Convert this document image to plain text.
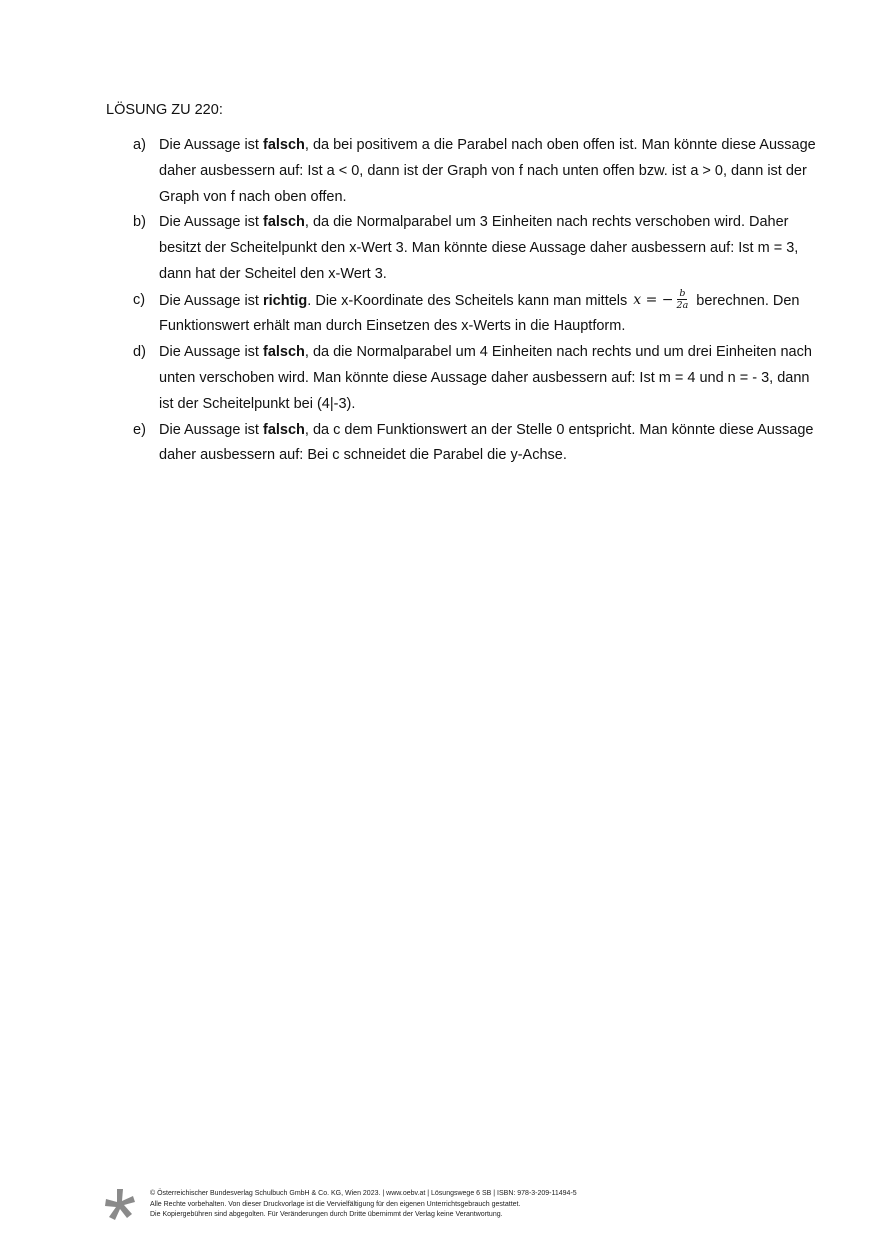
LÖSUNG ZU 220:
a) Die Aussage ist falsch, da bei positivem a die Parabel nach oben offen ist. Man könnte diese Aussage daher ausbessern auf: Ist a < 0, dann ist der Graph von f nach unten offen bzw. ist a > 0, dann ist der Graph von f nach oben offen.
b) Die Aussage ist falsch, da die Normalparabel um 3 Einheiten nach rechts verschoben wird. Daher besitzt der Scheitelpunkt den x-Wert 3. Man könnte diese Aussage daher ausbessern auf: Ist m = 3, dann hat der Scheitel den x-Wert 3.
c) Die Aussage ist richtig. Die x-Koordinate des Scheitels kann man mittels x = − $\frac{b}{2a}$ berechnen. Den Funktionswert erhält man durch Einsetzen des x-Werts in die Hauptform.
d) Die Aussage ist falsch, da die Normalparabel um 4 Einheiten nach rechts und um drei Einheiten nach unten verschoben wird. Man könnte diese Aussage daher ausbessern auf: Ist m = 4 und n = - 3, dann ist der Scheitelpunkt bei (4|-3).
e) Die Aussage ist falsch, da c dem Funktionswert an der Stelle 0 entspricht. Man könnte diese Aussage daher ausbessern auf: Bei c schneidet die Parabel die y-Achse.
© Österreichischer Bundesverlag Schulbuch GmbH & Co. KG, Wien 2023. | www.oebv.at | Lösungswege 6 SB | ISBN: 978-3-209-11494-5
Alle Rechte vorbehalten. Von dieser Druckvorlage ist die Vervielfältigung für den eigenen Unterrichtsgebrauch gestattet.
Die Kopiergebühren sind abgegolten. Für Veränderungen durch Dritte übernimmt der Verlag keine Verantwortung.
